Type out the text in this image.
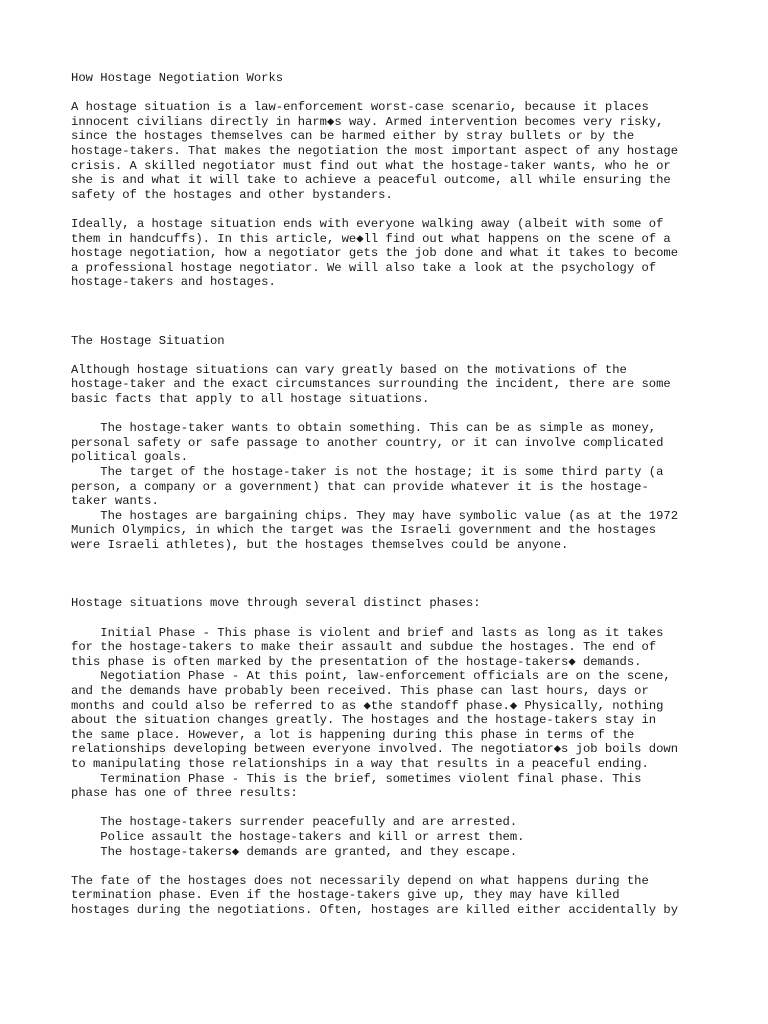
How Hostage Negotiation Works

A hostage situation is a law-enforcement worst-case scenario, because it places
innocent civilians directly in harm◆s way. Armed intervention becomes very risky,
since the hostages themselves can be harmed either by stray bullets or by the
hostage-takers. That makes the negotiation the most important aspect of any hostage
crisis. A skilled negotiator must find out what the hostage-taker wants, who he or
she is and what it will take to achieve a peaceful outcome, all while ensuring the
safety of the hostages and other bystanders.

Ideally, a hostage situation ends with everyone walking away (albeit with some of
them in handcuffs). In this article, we◆ll find out what happens on the scene of a
hostage negotiation, how a negotiator gets the job done and what it takes to become
a professional hostage negotiator. We will also take a look at the psychology of
hostage-takers and hostages.

The Hostage Situation

Although hostage situations can vary greatly based on the motivations of the
hostage-taker and the exact circumstances surrounding the incident, there are some
basic facts that apply to all hostage situations.

The hostage-taker wants to obtain something. This can be as simple as money,
personal safety or safe passage to another country, or it can involve complicated
political goals.
The target of the hostage-taker is not the hostage; it is some third party (a
person, a company or a government) that can provide whatever it is the hostage-
taker wants.
The hostages are bargaining chips. They may have symbolic value (as at the 1972
Munich Olympics, in which the target was the Israeli government and the hostages
were Israeli athletes), but the hostages themselves could be anyone.

Hostage situations move through several distinct phases:

Initial Phase - This phase is violent and brief and lasts as long as it takes
for the hostage-takers to make their assault and subdue the hostages. The end of
this phase is often marked by the presentation of the hostage-takers◆ demands.
Negotiation Phase - At this point, law-enforcement officials are on the scene,
and the demands have probably been received. This phase can last hours, days or
months and could also be referred to as ◆the standoff phase.◆ Physically, nothing
about the situation changes greatly. The hostages and the hostage-takers stay in
the same place. However, a lot is happening during this phase in terms of the
relationships developing between everyone involved. The negotiator◆s job boils down
to manipulating those relationships in a way that results in a peaceful ending.
Termination Phase - This is the brief, sometimes violent final phase. This
phase has one of three results:

The hostage-takers surrender peacefully and are arrested.
Police assault the hostage-takers and kill or arrest them.
The hostage-takers◆ demands are granted, and they escape.

The fate of the hostages does not necessarily depend on what happens during the
termination phase. Even if the hostage-takers give up, they may have killed
hostages during the negotiations. Often, hostages are killed either accidentally by
